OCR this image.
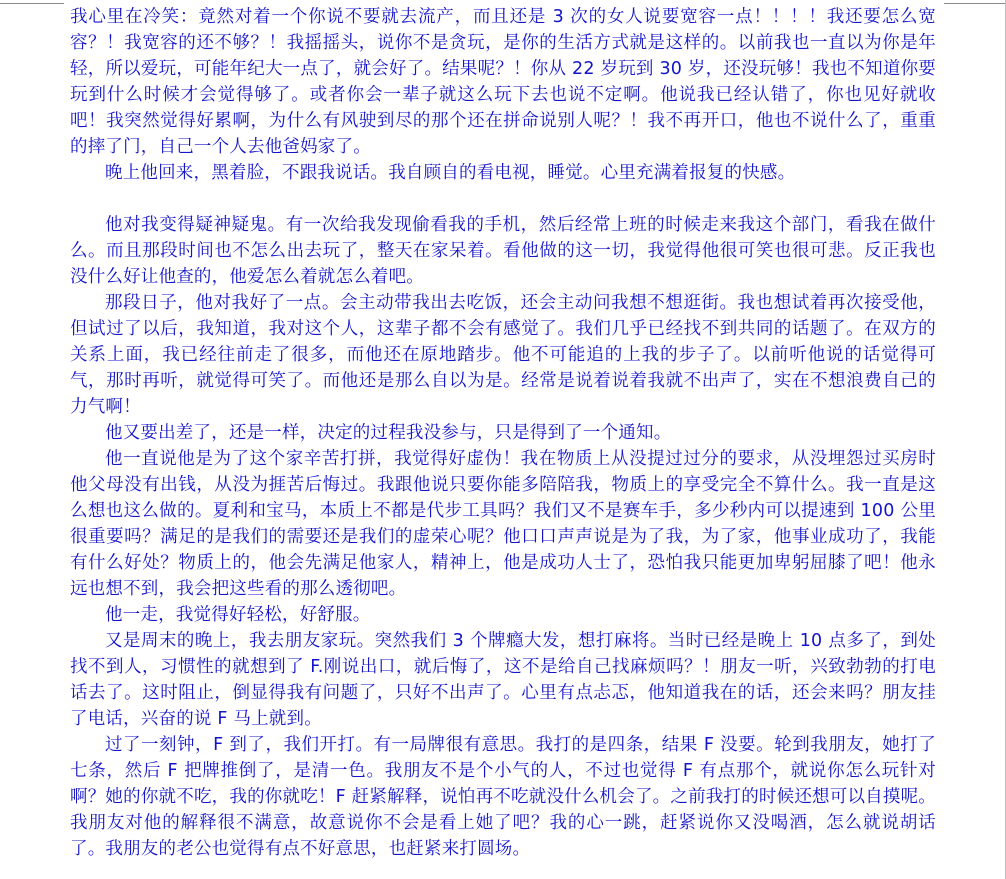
我心里在冷笑：竟然对着一个你说不要就去流产，而且还是 3 次的女人说要宽容一点！！！！我还要怎么宽容？！我宽容的还不够？！我摇摇头，说你不是贪玩，是你的生活方式就是这样的。以前我也一直以为你是年轻，所以爱玩，可能年纪大一点了，就会好了。结果呢？！你从 22 岁玩到 30 岁，还没玩够！我也不知道你要玩到什么时候才会觉得够了。或者你会一辈子就这么玩下去也说不定啊。他说我已经认错了，你也见好就收吧！我突然觉得好累啊，为什么有风驶到尽的那个还在拼命说别人呢？！我不再开口，他也不说什么了，重重的摔了门，自己一个人去他爸妈家了。

晚上他回来，黑着脸，不跟我说话。我自顾自的看电视，睡觉。心里充满着报复的快感。

他对我变得疑神疑鬼。有一次给我发现偷看我的手机，然后经常上班的时候走来我这个部门，看我在做什么。而且那段时间也不怎么出去玩了，整天在家呆着。看他做的这一切，我觉得他很可笑也很可悲。反正我也没什么好让他查的，他爱怎么着就怎么着吧。

那段日子，他对我好了一点。会主动带我出去吃饭，还会主动问我想不想逛街。我也想试着再次接受他，但试过了以后，我知道，我对这个人，这辈子都不会有感觉了。我们几乎已经找不到共同的话题了。在双方的关系上面，我已经往前走了很多，而他还在原地踏步。他不可能追的上我的步子了。以前听他说的话觉得可气，那时再听，就觉得可笑了。而他还是那么自以为是。经常是说着说着我就不出声了，实在不想浪费自己的力气啊！

他又要出差了，还是一样，决定的过程我没参与，只是得到了一个通知。

他一直说他是为了这个家辛苦打拼，我觉得好虚伪！我在物质上从没提过过分的要求，从没埋怨过买房时他父母没有出钱，从没为捱苦后悔过。我跟他说只要你能多陪陪我，物质上的享受完全不算什么。我一直是这么想也这么做的。夏利和宝马，本质上不都是代步工具吗？我们又不是赛车手，多少秒内可以提速到 100 公里很重要吗？满足的是我们的需要还是我们的虚荣心呢？他口口声声说是为了我，为了家，他事业成功了，我能有什么好处？物质上的，他会先满足他家人，精神上，他是成功人士了，恐怕我只能更加卑躬屈膝了吧！他永远也想不到，我会把这些看的那么透彻吧。

他一走，我觉得好轻松，好舒服。

又是周末的晚上，我去朋友家玩。突然我们 3 个牌瘾大发，想打麻将。当时已经是晚上 10 点多了，到处找不到人，习惯性的就想到了 F.刚说出口，就后悔了，这不是给自己找麻烦吗？！朋友一听，兴致勃勃的打电话去了。这时阻止，倒显得我有问题了，只好不出声了。心里有点忐忑，他知道我在的话，还会来吗？朋友挂了电话，兴奋的说 F 马上就到。

过了一刻钟，F 到了，我们开打。有一局牌很有意思。我打的是四条，结果 F 没要。轮到我朋友，她打了七条，然后 F 把牌推倒了，是清一色。我朋友不是个小气的人，不过也觉得 F 有点那个，就说你怎么玩针对啊？她的你就不吃，我的你就吃！F 赶紧解释，说怕再不吃就没什么机会了。之前我打的时候还想可以自摸呢。我朋友对他的解释很不满意，故意说你不会是看上她了吧？我的心一跳，赶紧说你又没喝酒，怎么就说胡话了。我朋友的老公也觉得有点不好意思，也赶紧来打圆场。
